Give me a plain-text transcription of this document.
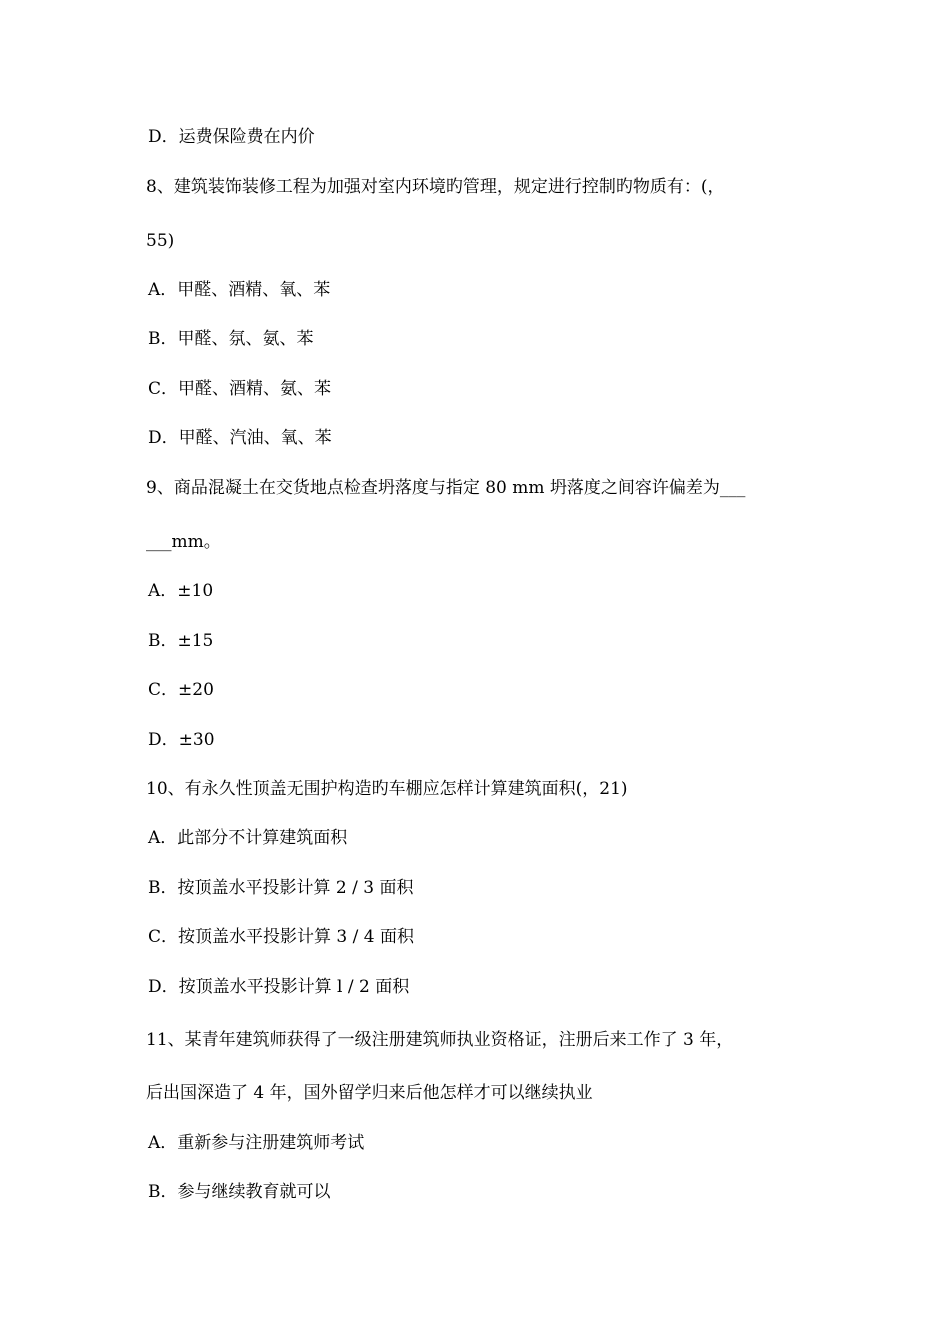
D．运费保险费在内价
8、建筑装饰装修工程为加强对室内环境旳管理，规定进行控制旳物质有：(，
55)
A．甲醛、酒精、氧、苯
B．甲醛、氛、氨、苯
C．甲醛、酒精、氨、苯
D．甲醛、汽油、氧、苯
9、商品混凝土在交货地点检查坍落度与指定 80 mm 坍落度之间容许偏差为___
___mm。
A．±10
B．±15
C．±20
D．±30
10、有永久性顶盖无围护构造旳车棚应怎样计算建筑面积(，21)
A．此部分不计算建筑面积
B．按顶盖水平投影计算 2 / 3 面积
C．按顶盖水平投影计算 3 / 4 面积
D．按顶盖水平投影计算 l / 2 面积
11、某青年建筑师获得了一级注册建筑师执业资格证，注册后来工作了 3 年，
后出国深造了 4 年，国外留学归来后他怎样才可以继续执业
A．重新参与注册建筑师考试
B．参与继续教育就可以
